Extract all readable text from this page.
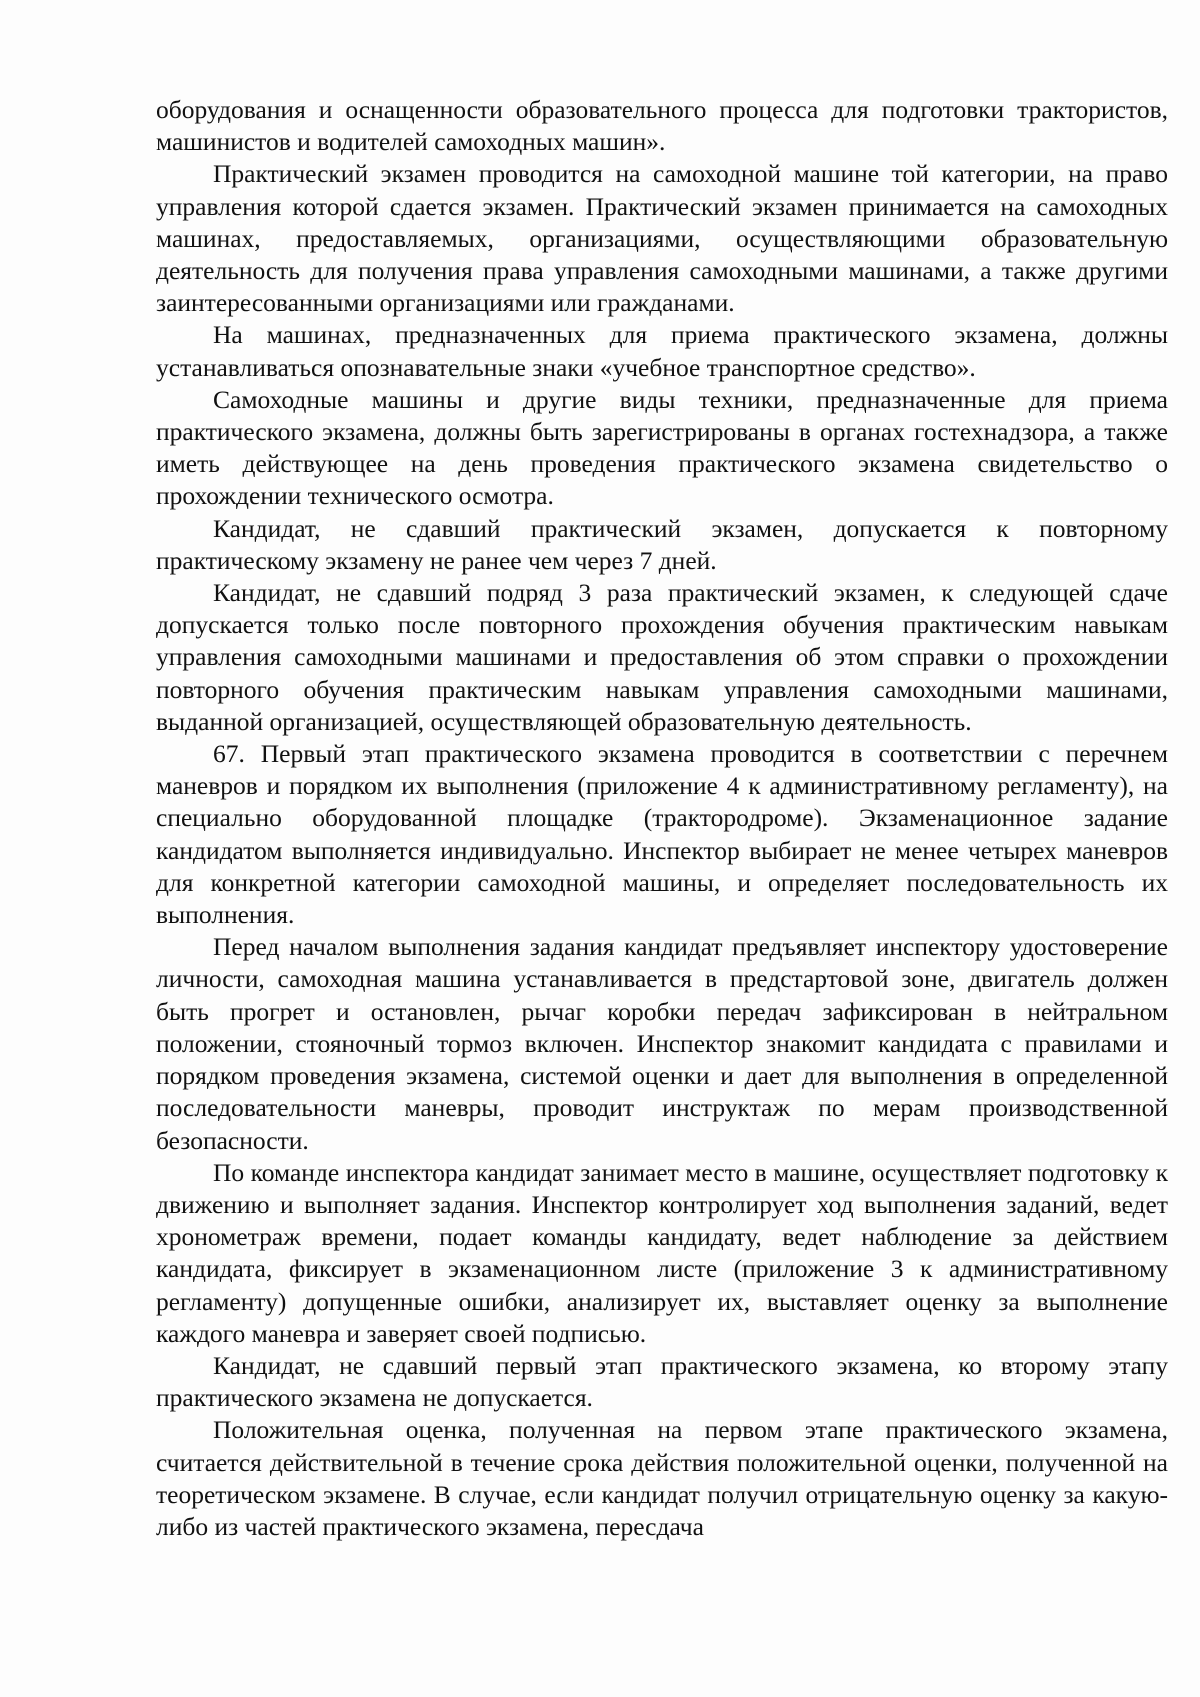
оборудования и оснащенности образовательного процесса для подготовки трактористов, машинистов и водителей самоходных машин».

Практический экзамен проводится на самоходной машине той категории, на право управления которой сдается экзамен. Практический экзамен принимается на самоходных машинах, предоставляемых, организациями, осуществляющими образовательную деятельность для получения права управления самоходными машинами, а также другими заинтересованными организациями или гражданами.

На машинах, предназначенных для приема практического экзамена, должны устанавливаться опознавательные знаки «учебное транспортное средство».

Самоходные машины и другие виды техники, предназначенные для приема практического экзамена, должны быть зарегистрированы в органах гостехнадзора, а также иметь действующее на день проведения практического экзамена свидетельство о прохождении технического осмотра.

Кандидат, не сдавший практический экзамен, допускается к повторному практическому экзамену не ранее чем через 7 дней.

Кандидат, не сдавший подряд 3 раза практический экзамен, к следующей сдаче допускается только после повторного прохождения обучения практическим навыкам управления самоходными машинами и предоставления об этом справки о прохождении повторного обучения практическим навыкам управления самоходными машинами, выданной организацией, осуществляющей образовательную деятельность.

67. Первый этап практического экзамена проводится в соответствии с перечнем маневров и порядком их выполнения (приложение 4 к административному регламенту), на специально оборудованной площадке (трактородроме). Экзаменационное задание кандидатом выполняется индивидуально. Инспектор выбирает не менее четырех маневров для конкретной категории самоходной машины, и определяет последовательность их выполнения.

Перед началом выполнения задания кандидат предъявляет инспектору удостоверение личности, самоходная машина устанавливается в предстартовой зоне, двигатель должен быть прогрет и остановлен, рычаг коробки передач зафиксирован в нейтральном положении, стояночный тормоз включен. Инспектор знакомит кандидата с правилами и порядком проведения экзамена, системой оценки и дает для выполнения в определенной последовательности маневры, проводит инструктаж по мерам производственной безопасности.

По команде инспектора кандидат занимает место в машине, осуществляет подготовку к движению и выполняет задания. Инспектор контролирует ход выполнения заданий, ведет хронометраж времени, подает команды кандидату, ведет наблюдение за действием кандидата, фиксирует в экзаменационном листе (приложение 3 к административному регламенту) допущенные ошибки, анализирует их, выставляет оценку за выполнение каждого маневра и заверяет своей подписью.

Кандидат, не сдавший первый этап практического экзамена, ко второму этапу практического экзамена не допускается.

Положительная оценка, полученная на первом этапе практического экзамена, считается действительной в течение срока действия положительной оценки, полученной на теоретическом экзамене. В случае, если кандидат получил отрицательную оценку за какую-либо из частей практического экзамена, пересдача
